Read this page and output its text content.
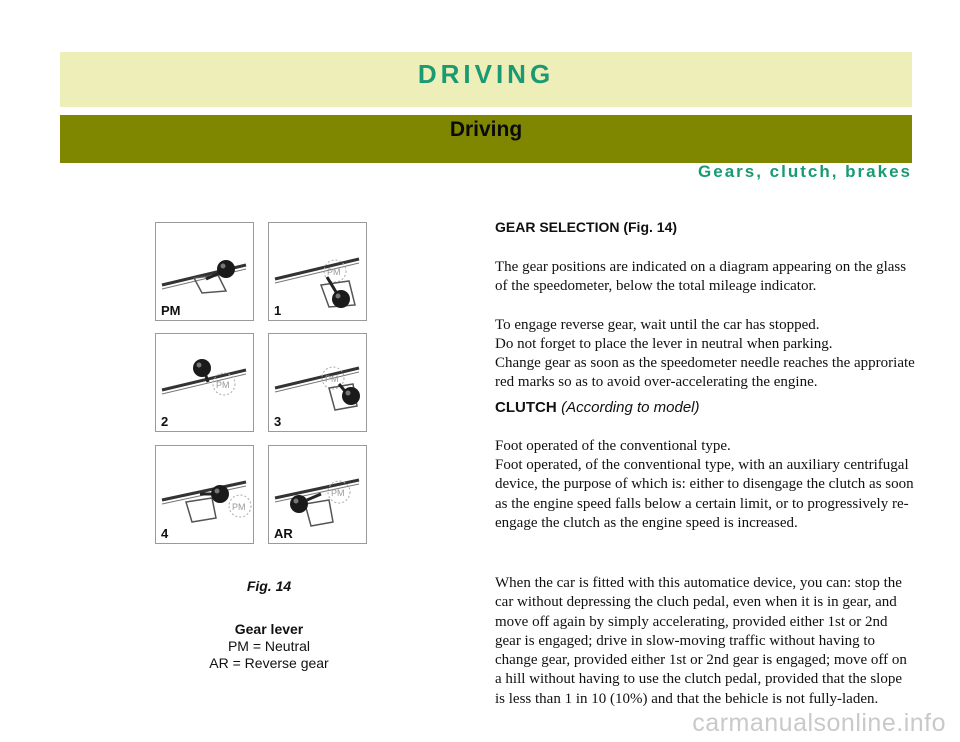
DRIVING
Driving
Gears, clutch, brakes
PM
PM
1
PM
2
PM
3
PM
4
PM
AR
Fig. 14
Gear lever
PM = Neutral
AR = Reverse gear
GEAR SELECTION (Fig. 14)
The gear positions are indicated on a diagram appearing on the glass of the speedometer, below the total mileage indicator.
To engage reverse gear, wait until the car has stopped.
Do not forget to place the lever in neutral when parking.
Change gear as soon as the speedometer needle reaches the approriate red marks so as to avoid over-accelerating the engine.
CLUTCH (According to model)
Foot operated of the conventional type.
Foot operated, of the conventional type, with an auxiliary centrifugal device, the purpose of which is: either to disengage the clutch as soon as the engine speed falls below a certain limit, or to progressively re-engage the clutch as the engine speed is increased.
When the car is fitted with this automatice device, you can: stop the car without depressing the cluch pedal, even when it is in gear, and move off again by simply accelerating, provided either 1st or 2nd gear is engaged; drive in slow-moving traffic without having to change gear, provided either 1st or 2nd gear is engaged; move off on a hill without having to use the clutch pedal, provided that the slope is less than 1 in 10 (10%) and that the behicle is not fully-laden.
carmanualsonline.info
